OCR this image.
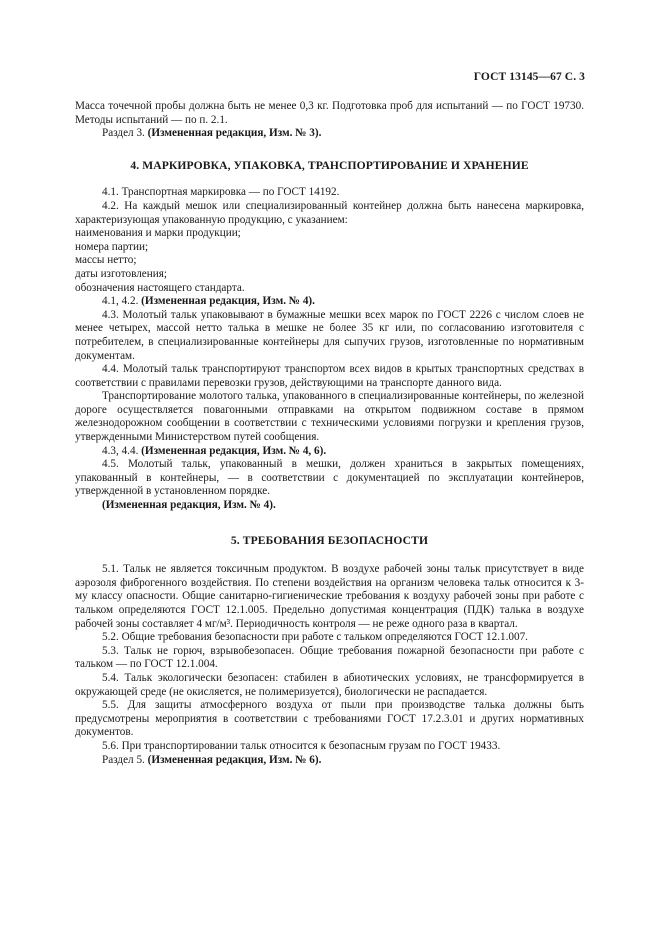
ГОСТ 13145—67 С. 3

Масса точечной пробы должна быть не менее 0,3 кг. Подготовка проб для испытаний — по ГОСТ 19730. Методы испытаний — по п. 2.1.

Раздел 3. (Измененная редакция, Изм. № 3).

4. МАРКИРОВКА, УПАКОВКА, ТРАНСПОРТИРОВАНИЕ И ХРАНЕНИЕ

4.1. Транспортная маркировка — по ГОСТ 14192.

4.2. На каждый мешок или специализированный контейнер должна быть нанесена маркировка, характеризующая упакованную продукцию, с указанием:

наименования и марки продукции;

номера партии;

массы нетто;

даты изготовления;

обозначения настоящего стандарта.

4.1, 4.2. (Измененная редакция, Изм. № 4).

4.3. Молотый тальк упаковывают в бумажные мешки всех марок по ГОСТ 2226 с числом слоев не менее четырех, массой нетто талька в мешке не более 35 кг или, по согласованию изготовителя с потребителем, в специализированные контейнеры для сыпучих грузов, изготовленные по нормативным документам.

4.4. Молотый тальк транспортируют транспортом всех видов в крытых транспортных средствах в соответствии с правилами перевозки грузов, действующими на транспорте данного вида.

Транспортирование молотого талька, упакованного в специализированные контейнеры, по железной дороге осуществляется повагонными отправками на открытом подвижном составе в прямом железнодорожном сообщении в соответствии с техническими условиями погрузки и крепления грузов, утвержденными Министерством путей сообщения.

4.3, 4.4. (Измененная редакция, Изм. № 4, 6).

4.5. Молотый тальк, упакованный в мешки, должен храниться в закрытых помещениях, упакованный в контейнеры, — в соответствии с документацией по эксплуатации контейнеров, утвержденной в установленном порядке.

(Измененная редакция, Изм. № 4).

5. ТРЕБОВАНИЯ БЕЗОПАСНОСТИ

5.1. Тальк не является токсичным продуктом. В воздухе рабочей зоны тальк присутствует в виде аэрозоля фиброгенного воздействия. По степени воздействия на организм человека тальк относится к 3-му классу опасности. Общие санитарно-гигиенические требования к воздуху рабочей зоны при работе с тальком определяются ГОСТ 12.1.005. Предельно допустимая концентрация (ПДК) талька в воздухе рабочей зоны составляет 4 мг/м³. Периодичность контроля — не реже одного раза в квартал.

5.2. Общие требования безопасности при работе с тальком определяются ГОСТ 12.1.007.

5.3. Тальк не горюч, взрывобезопасен. Общие требования пожарной безопасности при работе с тальком — по ГОСТ 12.1.004.

5.4. Тальк экологически безопасен: стабилен в абиотических условиях, не трансформируется в окружающей среде (не окисляется, не полимеризуется), биологически не распадается.

5.5. Для защиты атмосферного воздуха от пыли при производстве талька должны быть предусмотрены мероприятия в соответствии с требованиями ГОСТ 17.2.3.01 и других нормативных документов.

5.6. При транспортировании тальк относится к безопасным грузам по ГОСТ 19433.

Раздел 5. (Измененная редакция, Изм. № 6).
